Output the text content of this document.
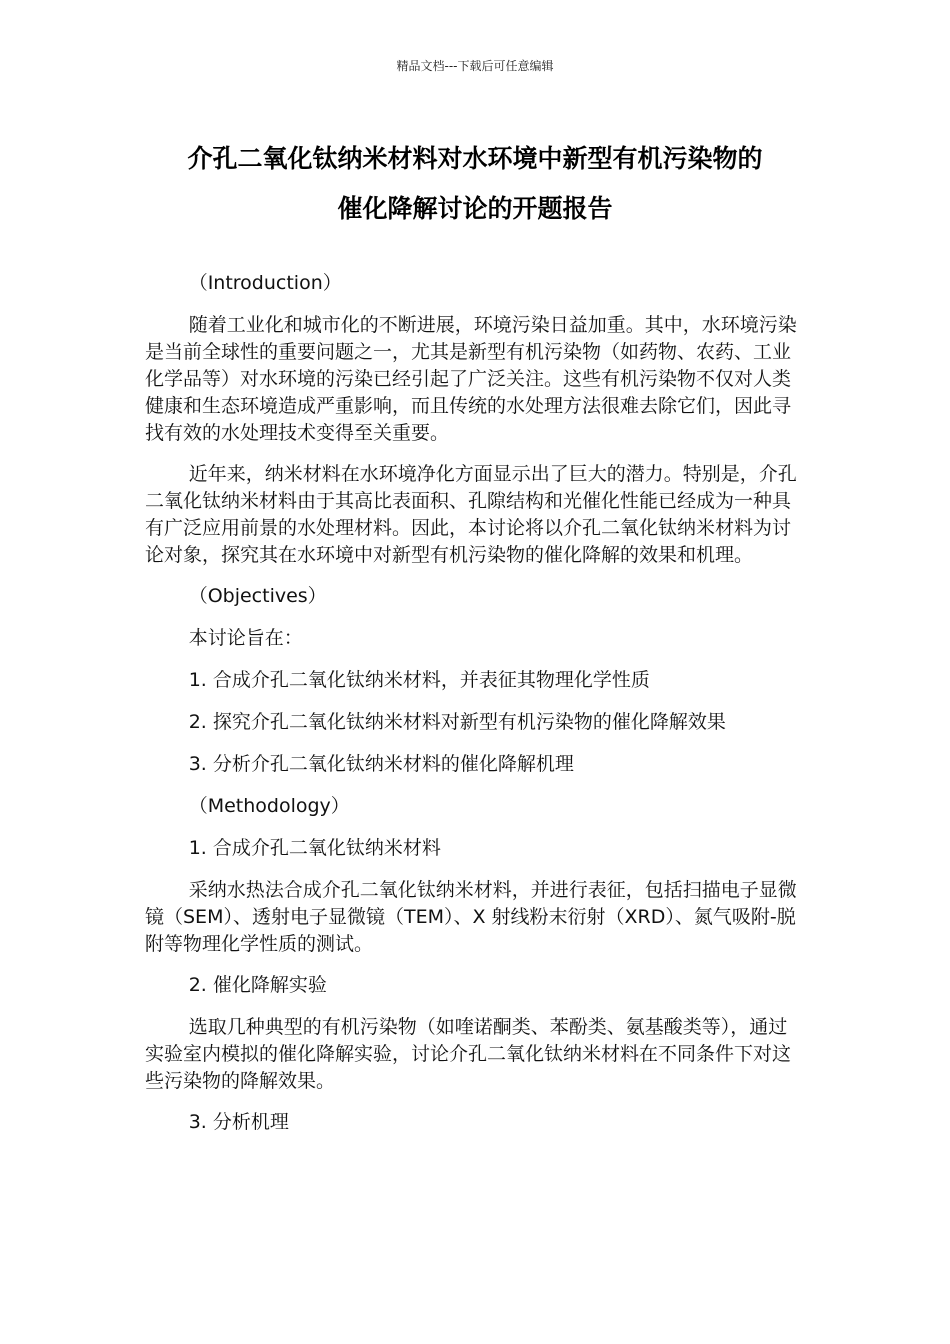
精品文档---下载后可任意编辑
介孔二氧化钛纳米材料对水环境中新型有机污染物的
催化降解讨论的开题报告

（Introduction）

随着工业化和城市化的不断进展，环境污染日益加重。其中，水环境污染是当前全球性的重要问题之一，尤其是新型有机污染物（如药物、农药、工业化学品等）对水环境的污染已经引起了广泛关注。这些有机污染物不仅对人类健康和生态环境造成严重影响，而且传统的水处理方法很难去除它们，因此寻找有效的水处理技术变得至关重要。

近年来，纳米材料在水环境净化方面显示出了巨大的潜力。特别是，介孔二氧化钛纳米材料由于其高比表面积、孔隙结构和光催化性能已经成为一种具有广泛应用前景的水处理材料。因此，本讨论将以介孔二氧化钛纳米材料为讨论对象，探究其在水环境中对新型有机污染物的催化降解的效果和机理。

（Objectives）

本讨论旨在：

1. 合成介孔二氧化钛纳米材料，并表征其物理化学性质

2. 探究介孔二氧化钛纳米材料对新型有机污染物的催化降解效果

3. 分析介孔二氧化钛纳米材料的催化降解机理

（Methodology）

1. 合成介孔二氧化钛纳米材料

采纳水热法合成介孔二氧化钛纳米材料，并进行表征，包括扫描电子显微镜（SEM）、透射电子显微镜（TEM）、X 射线粉末衍射（XRD）、氮气吸附-脱附等物理化学性质的测试。

2. 催化降解实验

选取几种典型的有机污染物（如喹诺酮类、苯酚类、氨基酸类等），通过实验室内模拟的催化降解实验，讨论介孔二氧化钛纳米材料在不同条件下对这些污染物的降解效果。

3. 分析机理
